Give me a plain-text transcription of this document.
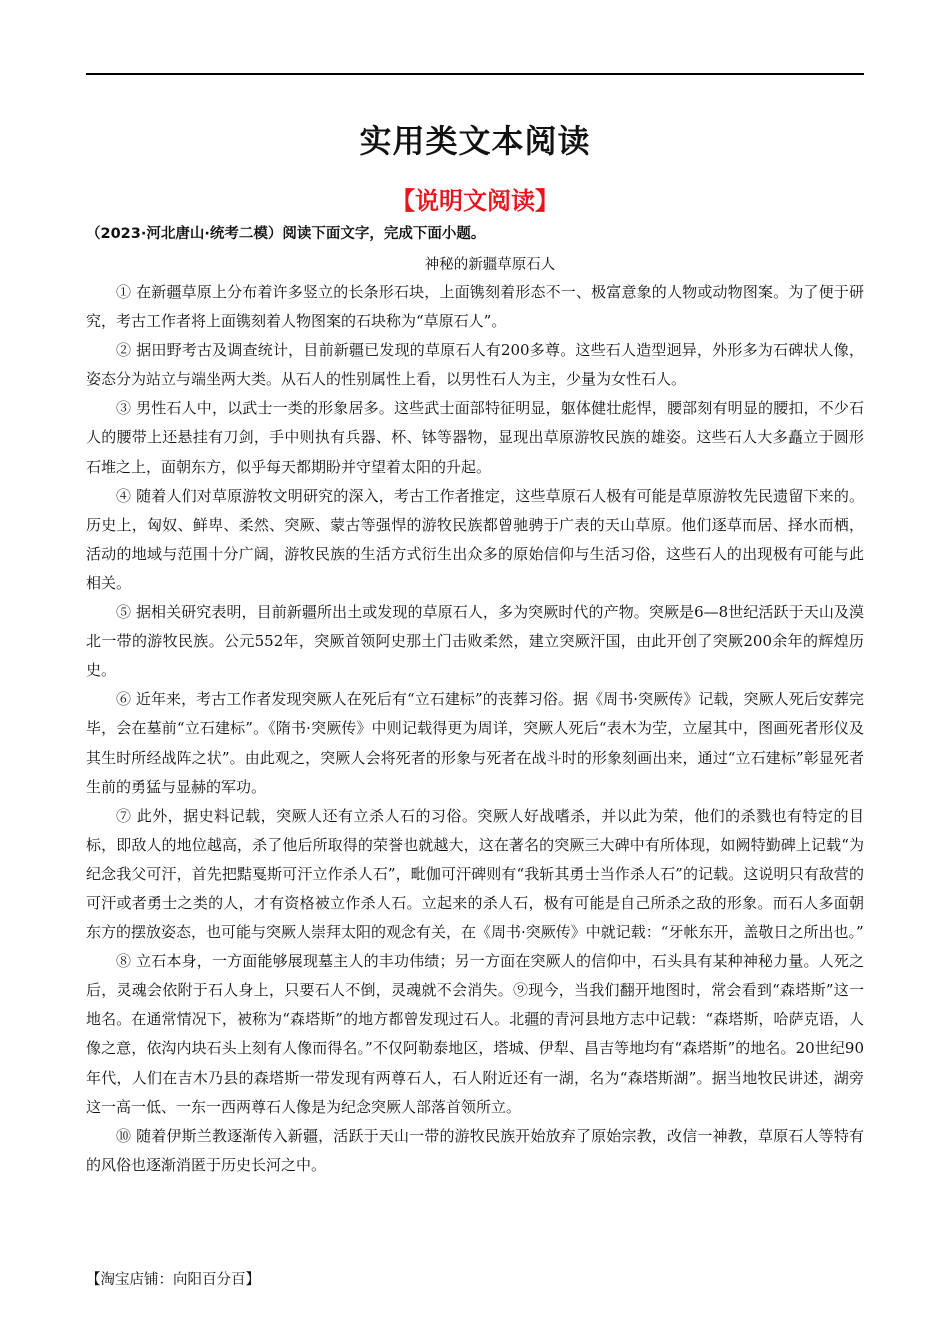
实用类文本阅读
【说明文阅读】
（2023·河北唐山·统考二模）阅读下面文字，完成下面小题。
神秘的新疆草原石人

① 在新疆草原上分布着许多竖立的长条形石块，上面镌刻着形态不一、极富意象的人物或动物图案。为了便于研究，考古工作者将上面镌刻着人物图案的石块称为“草原石人”。

② 据田野考古及调查统计，目前新疆已发现的草原石人有200多尊。这些石人造型迥异，外形多为石碑状人像，姿态分为站立与端坐两大类。从石人的性别属性上看，以男性石人为主，少量为女性石人。

③ 男性石人中，以武士一类的形象居多。这些武士面部特征明显，躯体健壮彪悍，腰部刻有明显的腰扣，不少石人的腰带上还悬挂有刀剑，手中则执有兵器、杯、钵等器物，显现出草原游牧民族的雄姿。这些石人大多矗立于圆形石堆之上，面朝东方，似乎每天都期盼并守望着太阳的升起。

④ 随着人们对草原游牧文明研究的深入，考古工作者推定，这些草原石人极有可能是草原游牧先民遗留下来的。历史上，匈奴、鲜卑、柔然、突厥、蒙古等强悍的游牧民族都曾驰骋于广表的天山草原。他们逐草而居、择水而栖，活动的地域与范围十分广阔，游牧民族的生活方式衍生出众多的原始信仰与生活习俗，这些石人的出现极有可能与此相关。

⑤ 据相关研究表明，目前新疆所出土或发现的草原石人，多为突厥时代的产物。突厥是6—8世纪活跃于天山及漠北一带的游牧民族。公元552年，突厥首领阿史那土门击败柔然，建立突厥汗国，由此开创了突厥200余年的辉煌历史。

⑥ 近年来，考古工作者发现突厥人在死后有“立石建标”的丧葬习俗。据《周书·突厥传》记载，突厥人死后安葬完毕，会在墓前“立石建标”。《隋书·突厥传》中则记载得更为周详，突厥人死后“表木为茔，立屋其中，图画死者形仪及其生时所经战阵之状”。由此观之，突厥人会将死者的形象与死者在战斗时的形象刻画出来，通过“立石建标”彰显死者生前的勇猛与显赫的军功。

⑦ 此外，据史料记载，突厥人还有立杀人石的习俗。突厥人好战嗜杀，并以此为荣，他们的杀戮也有特定的目标，即敌人的地位越高，杀了他后所取得的荣誉也就越大，这在著名的突厥三大碑中有所体现，如阙特勤碑上记载“为纪念我父可汗，首先把黠戛斯可汗立作杀人石”，毗伽可汗碑则有“我斩其勇士当作杀人石”的记载。这说明只有敌营的可汗或者勇士之类的人，才有资格被立作杀人石。立起来的杀人石，极有可能是自己所杀之敌的形象。而石人多面朝东方的摆放姿态，也可能与突厥人崇拜太阳的观念有关，在《周书·突厥传》中就记载：“牙帐东开，盖敬日之所出也。”

⑧ 立石本身，一方面能够展现墓主人的丰功伟绩；另一方面在突厥人的信仰中，石头具有某种神秘力量。人死之后，灵魂会依附于石人身上，只要石人不倒，灵魂就不会消失。⑨现今，当我们翻开地图时，常会看到“森塔斯”这一地名。在通常情况下，被称为“森塔斯”的地方都曾发现过石人。北疆的青河县地方志中记载：“森塔斯，哈萨克语，人像之意，依沟内块石头上刻有人像而得名。”不仅阿勒泰地区，塔城、伊犁、昌吉等地均有“森塔斯”的地名。20世纪90年代，人们在吉木乃县的森塔斯一带发现有两尊石人，石人附近还有一湖，名为“森塔斯湖”。据当地牧民讲述，湖旁这一高一低、一东一西两尊石人像是为纪念突厥人部落首领所立。

⑩ 随着伊斯兰教逐渐传入新疆，活跃于天山一带的游牧民族开始放弃了原始宗教，改信一神教，草原石人等特有的风俗也逐渐消匿于历史长河之中。

【淘宝店铺：向阳百分百】
